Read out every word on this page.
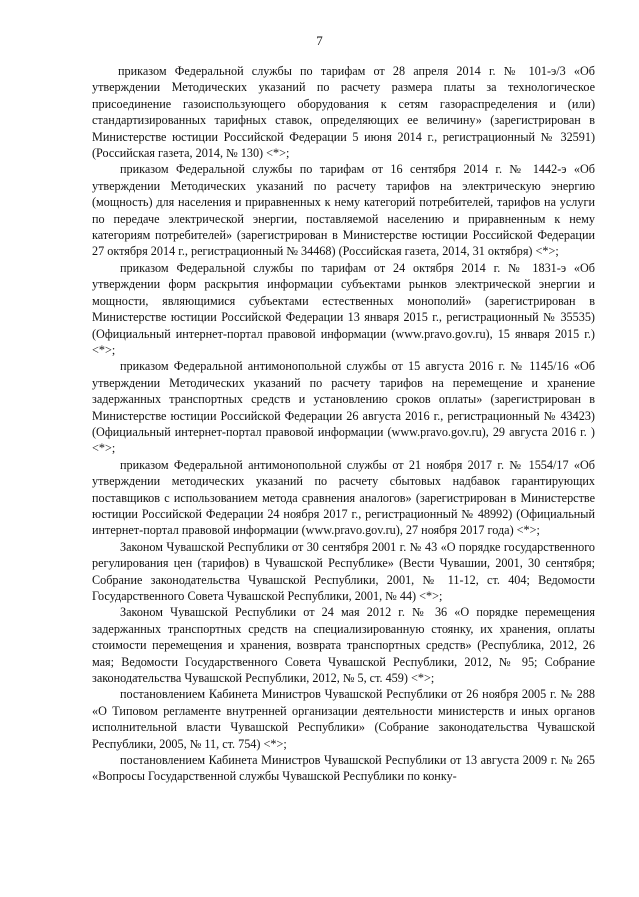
7

приказом Федеральной службы по тарифам от 28 апреля 2014 г. № 101-э/3 «Об утверждении Методических указаний по расчету размера платы за технологическое присоединение газоиспользующего оборудования к сетям газораспределения и (или) стандартизированных тарифных ставок, определяющих ее величину» (зарегистрирован в Министерстве юстиции Российской Федерации 5 июня 2014 г., регистрационный № 32591) (Российская газета, 2014, № 130) <*>;

приказом Федеральной службы по тарифам от 16 сентября 2014 г. № 1442-э «Об утверждении Методических указаний по расчету тарифов на электрическую энергию (мощность) для населения и приравненных к нему категорий потребителей, тарифов на услуги по передаче электрической энергии, поставляемой населению и приравненным к нему категориям потребителей» (зарегистрирован в Министерстве юстиции Российской Федерации 27 октября 2014 г., регистрационный № 34468) (Российская газета, 2014, 31 октября) <*>;

приказом Федеральной службы по тарифам от 24 октября 2014 г. № 1831-э «Об утверждении форм раскрытия информации субъектами рынков электрической энергии и мощности, являющимися субъектами естественных монополий» (зарегистрирован в Министерстве юстиции Российской Федерации 13 января 2015 г., регистрационный № 35535) (Официальный интернет-портал правовой информации (www.pravo.gov.ru), 15 января 2015 г.) <*>;

приказом Федеральной антимонопольной службы от 15 августа 2016 г. № 1145/16 «Об утверждении Методических указаний по расчету тарифов на перемещение и хранение задержанных транспортных средств и установлению сроков оплаты» (зарегистрирован в Министерстве юстиции Российской Федерации 26 августа 2016 г., регистрационный № 43423) (Официальный интернет-портал правовой информации (www.pravo.gov.ru), 29 августа 2016 г. ) <*>;

приказом Федеральной антимонопольной службы от 21 ноября 2017 г. № 1554/17 «Об утверждении методических указаний по расчету сбытовых надбавок гарантирующих поставщиков с использованием метода сравнения аналогов» (зарегистрирован в Министерстве юстиции Российской Федерации 24 ноября 2017 г., регистрационный № 48992) (Официальный интернет-портал правовой информации (www.pravo.gov.ru), 27 ноября 2017 года) <*>;

Законом Чувашской Республики от 30 сентября 2001 г. № 43 «О порядке государственного регулирования цен (тарифов) в Чувашской Республике» (Вести Чувашии, 2001, 30 сентября; Собрание законодательства Чувашской Республики, 2001, № 11-12, ст. 404; Ведомости Государственного Совета Чувашской Республики, 2001, № 44) <*>;

Законом Чувашской Республики от 24 мая 2012 г. № 36 «О порядке перемещения задержанных транспортных средств на специализированную стоянку, их хранения, оплаты стоимости перемещения и хранения, возврата транспортных средств» (Республика, 2012, 26 мая; Ведомости Государственного Совета Чувашской Республики, 2012, № 95; Собрание законодательства Чувашской Республики, 2012, № 5, ст. 459) <*>;

постановлением Кабинета Министров Чувашской Республики от 26 ноября 2005 г. № 288 «О Типовом регламенте внутренней организации деятельности министерств и иных органов исполнительной власти Чувашской Республики» (Собрание законодательства Чувашской Республики, 2005, № 11, ст. 754) <*>;

постановлением Кабинета Министров Чувашской Республики от 13 августа 2009 г. № 265 «Вопросы Государственной службы Чувашской Республики по конку-
